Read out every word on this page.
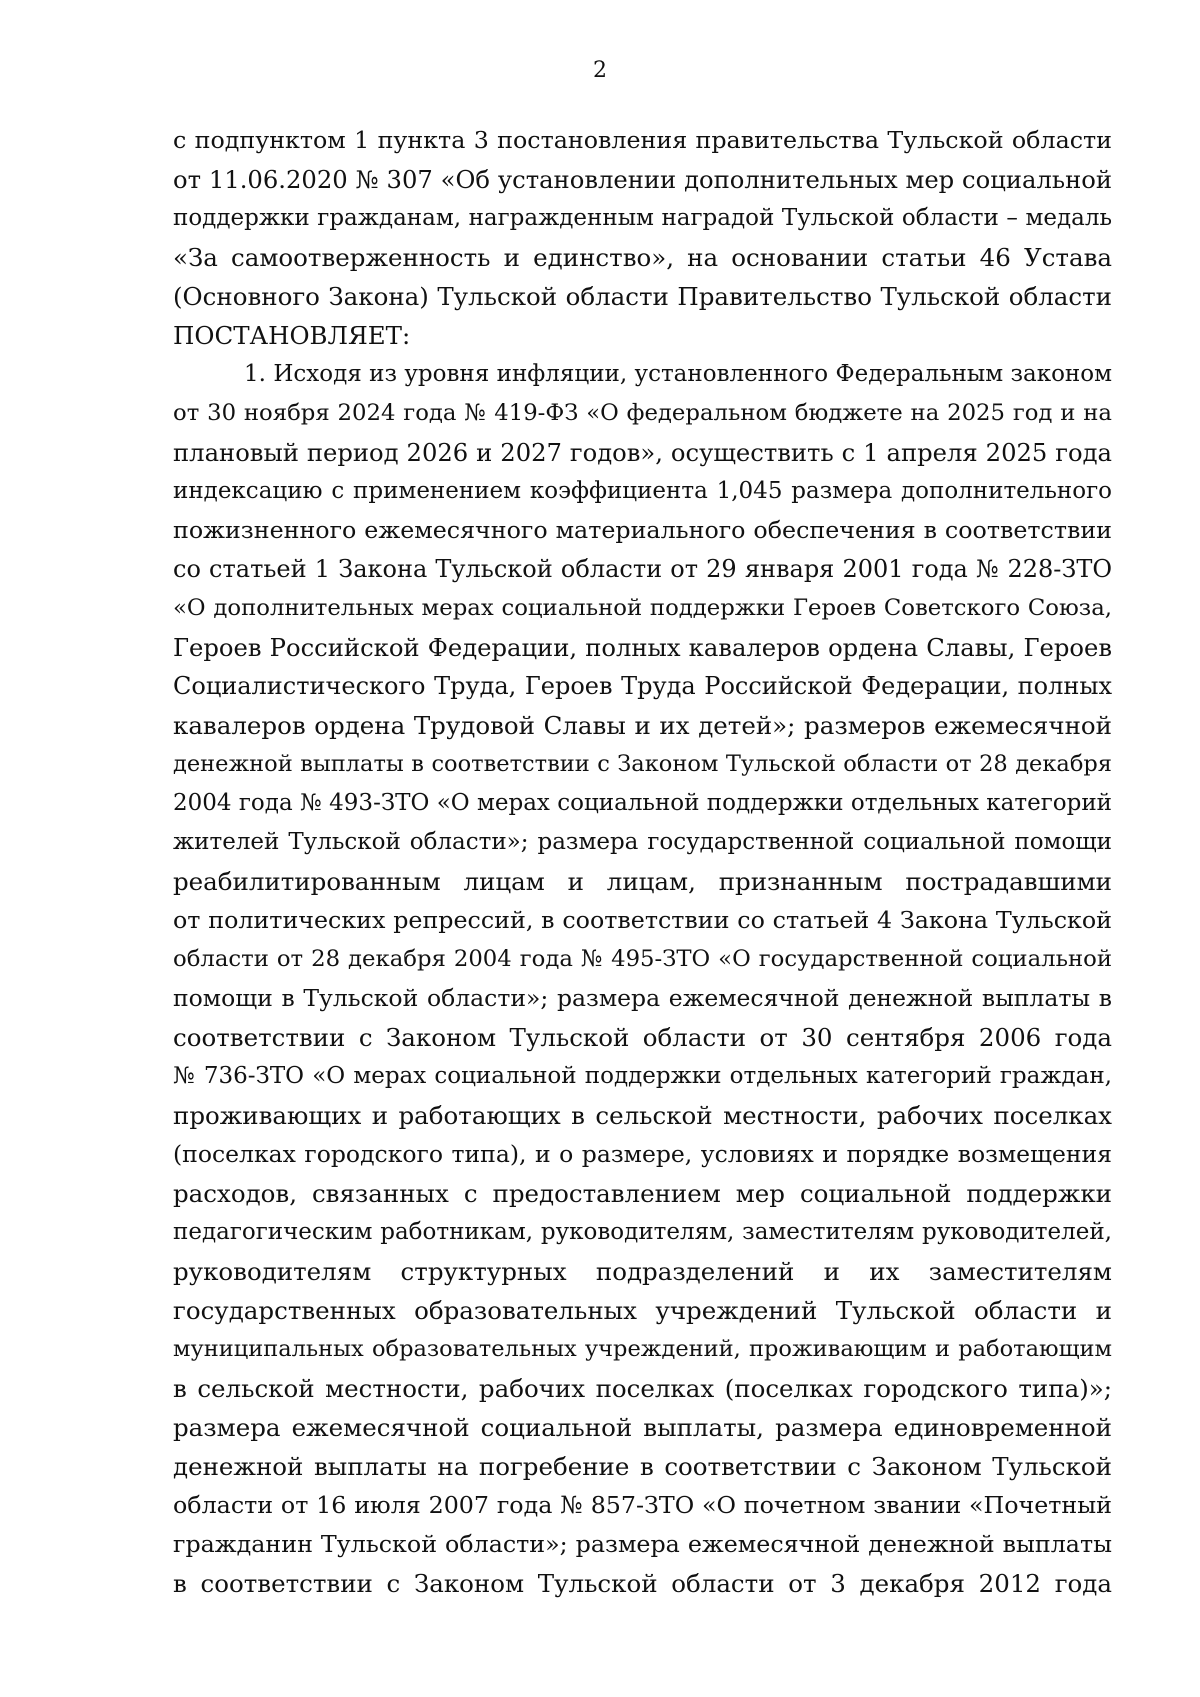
2
с подпунктом 1 пункта 3 постановления правительства Тульской области
от 11.06.2020 № 307 «Об установлении дополнительных мер социальной
поддержки гражданам, награжденным наградой Тульской области – медаль
«За самоотверженность и единство», на основании статьи 46 Устава
(Основного Закона) Тульской области Правительство Тульской области
ПОСТАНОВЛЯЕТ:
1. Исходя из уровня инфляции, установленного Федеральным законом
от 30 ноября 2024 года № 419-ФЗ «О федеральном бюджете на 2025 год и на
плановый период 2026 и 2027 годов», осуществить с 1 апреля 2025 года
индексацию с применением коэффициента 1,045 размера дополнительного
пожизненного ежемесячного материального обеспечения в соответствии
со статьей 1 Закона Тульской области от 29 января 2001 года № 228-ЗТО
«О дополнительных мерах социальной поддержки Героев Советского Союза,
Героев Российской Федерации, полных кавалеров ордена Славы, Героев
Социалистического Труда, Героев Труда Российской Федерации, полных
кавалеров ордена Трудовой Славы и их детей»; размеров ежемесячной
денежной выплаты в соответствии с Законом Тульской области от 28 декабря
2004 года № 493-ЗТО «О мерах социальной поддержки отдельных категорий
жителей Тульской области»; размера государственной социальной помощи
реабилитированным лицам и лицам, признанным пострадавшими
от политических репрессий, в соответствии со статьей 4 Закона Тульской
области от 28 декабря 2004 года № 495-ЗТО «О государственной социальной
помощи в Тульской области»; размера ежемесячной денежной выплаты в
соответствии с Законом Тульской области от 30 сентября 2006 года
№ 736-ЗТО «О мерах социальной поддержки отдельных категорий граждан,
проживающих и работающих в сельской местности, рабочих поселках
(поселках городского типа), и о размере, условиях и порядке возмещения
расходов, связанных с предоставлением мер социальной поддержки
педагогическим работникам, руководителям, заместителям руководителей,
руководителям структурных подразделений и их заместителям
государственных образовательных учреждений Тульской области и
муниципальных образовательных учреждений, проживающим и работающим
в сельской местности, рабочих поселках (поселках городского типа)»;
размера ежемесячной социальной выплаты, размера единовременной
денежной выплаты на погребение в соответствии с Законом Тульской
области от 16 июля 2007 года № 857-ЗТО «О почетном звании «Почетный
гражданин Тульской области»; размера ежемесячной денежной выплаты
в соответствии с Законом Тульской области от 3 декабря 2012 года
